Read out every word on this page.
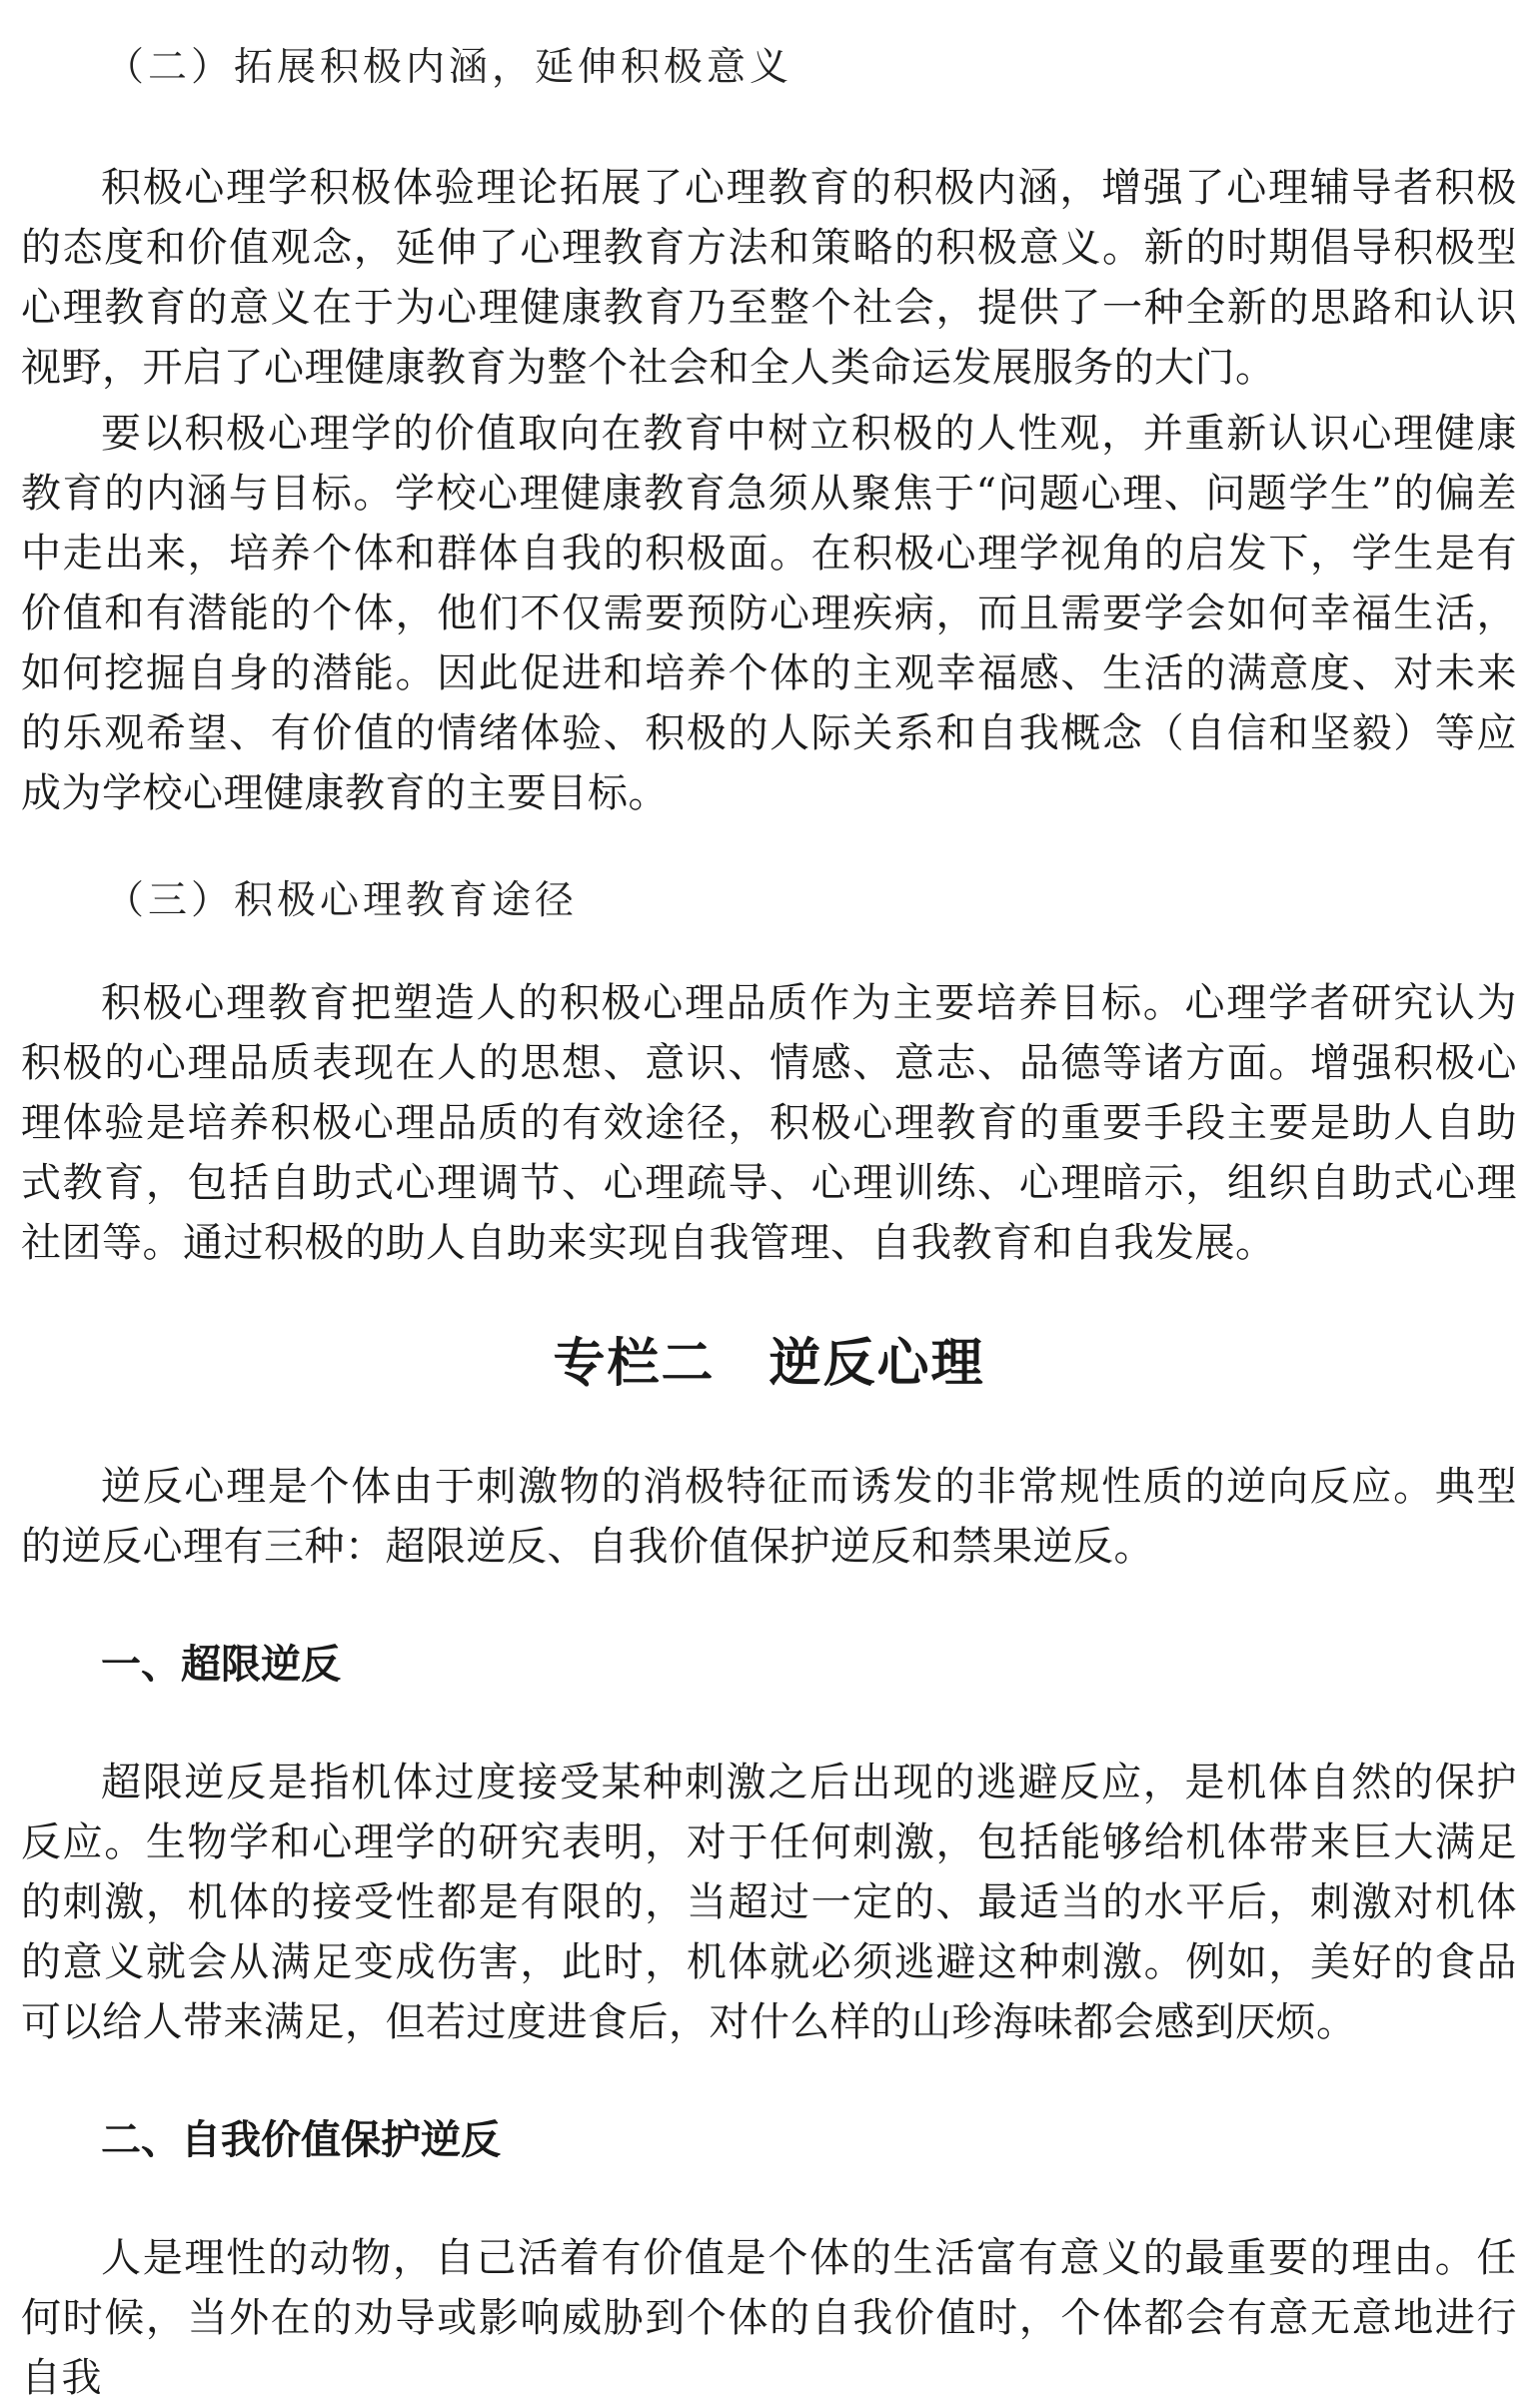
（二）拓展积极内涵，延伸积极意义

积极心理学积极体验理论拓展了心理教育的积极内涵，增强了心理辅导者积极的态度和价值观念，延伸了心理教育方法和策略的积极意义。新的时期倡导积极型心理教育的意义在于为心理健康教育乃至整个社会，提供了一种全新的思路和认识视野，开启了心理健康教育为整个社会和全人类命运发展服务的大门。

要以积极心理学的价值取向在教育中树立积极的人性观，并重新认识心理健康教育的内涵与目标。学校心理健康教育急须从聚焦于“问题心理、问题学生”的偏差中走出来，培养个体和群体自我的积极面。在积极心理学视角的启发下，学生是有价值和有潜能的个体，他们不仅需要预防心理疾病，而且需要学会如何幸福生活，如何挖掘自身的潜能。因此促进和培养个体的主观幸福感、生活的满意度、对未来的乐观希望、有价值的情绪体验、积极的人际关系和自我概念（自信和坚毅）等应成为学校心理健康教育的主要目标。

（三）积极心理教育途径

积极心理教育把塑造人的积极心理品质作为主要培养目标。心理学者研究认为积极的心理品质表现在人的思想、意识、情感、意志、品德等诸方面。增强积极心理体验是培养积极心理品质的有效途径，积极心理教育的重要手段主要是助人自助式教育，包括自助式心理调节、心理疏导、心理训练、心理暗示，组织自助式心理社团等。通过积极的助人自助来实现自我管理、自我教育和自我发展。

专栏二　逆反心理

逆反心理是个体由于刺激物的消极特征而诱发的非常规性质的逆向反应。典型的逆反心理有三种：超限逆反、自我价值保护逆反和禁果逆反。

一、超限逆反

超限逆反是指机体过度接受某种刺激之后出现的逃避反应，是机体自然的保护反应。生物学和心理学的研究表明，对于任何刺激，包括能够给机体带来巨大满足的刺激，机体的接受性都是有限的，当超过一定的、最适当的水平后，刺激对机体的意义就会从满足变成伤害，此时，机体就必须逃避这种刺激。例如，美好的食品可以给人带来满足，但若过度进食后，对什么样的山珍海味都会感到厌烦。

二、自我价值保护逆反

人是理性的动物，自己活着有价值是个体的生活富有意义的最重要的理由。任何时候，当外在的劝导或影响威胁到个体的自我价值时，个体都会有意无意地进行自我
